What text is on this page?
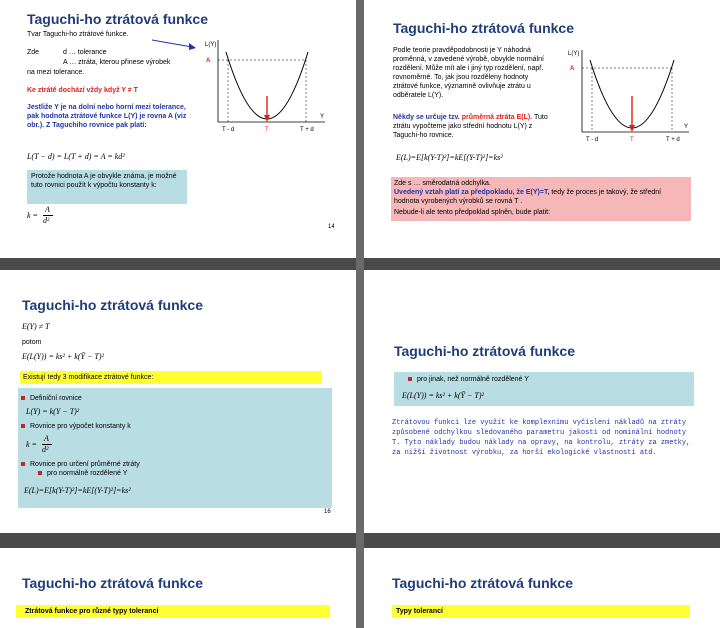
Taguchi-ho ztrátová funkce
Tvar Taguchi-ho ztrátové funkce.
Zde	d … tolerance
A … ztráta, kterou přinese výrobek
na mezi tolerance.
Ke ztrátě dochází vždy když Y ≠ T
Jestliže Y je na dolní nebo horní mezi tolerance, pak hodnota ztrátové funkce L(Y) je rovna A (viz obr.). Z Taguchiho rovnice pak platí:
L(T − d) = L(T + d) = A = kd²
Protože hodnota A je obvykle známa, je možné tuto rovnici použít k výpočtu konstanty k:
k =
A
d²
14
L(Y)
A
Y
T - d	T	T + d
Taguchi-ho ztrátová funkce
Podle teorie pravděpodobnosti je Y náhodná proměnná, v zavedené výrobě, obvykle normální rozdělení. Může mít ale i jiný typ rozdělení, např. rovnoměrné. To, jak jsou rozděleny hodnoty ztrátové funkce, významně ovlivňuje ztrátu u odběratele L(Y).
Někdy se určuje tzv. průměrná ztráta E(L). Tuto ztrátu vypočteme jako střední hodnotu L(Y) z Taguchi-ho rovnice.
E(L)=E[k(Y-T)²]=kE[(Y-T)²]=ks²
Zde s … směrodatná odchylka.
Uvedený vztah platí za předpokladu, že E(Y)=T, tedy že proces je takový, že střední hodnota vyrobených výrobků se rovná T .
Nebude-li ale tento předpoklad splněn, bude platit:
L(Y)
A
Y
T - d	T	T + d
Taguchi-ho ztrátová funkce
E(Y) ≠ T
potom
E(L(Y)) = ks² + k(Ȳ − T)²
Existují tedy 3 modifikace ztrátové funkce:
Definiční rovnice
L(Y) = k(Y − T)²
Rovnice pro výpočet konstanty k
k =
A
d²
Rovnice pro určení průměrné ztráty
pro normálně rozdělené Y
E(L)=E[k(Y-T)²]=kE[(Y-T)²]=ks²
16
Taguchi-ho ztrátová funkce
pro jinak, než normálně rozdělené Y
E(L(Y)) = ks² + k(Ȳ − T)²
Ztrátovou funkci lze využít ke komplexnímu vyčíslení nákladů na ztráty způsobené odchylkou sledovaného parametru jakosti od nominální hodnoty T. Tyto náklady budou náklady na opravy, na kontrolu, ztráty za zmetky, za nižší životnost výrobku, za horší ekologické vlastnosti atd.
Taguchi-ho ztrátová funkce
Ztrátová funkce pro různé typy tolerancí
Taguchi-ho ztrátová funkce
Typy tolerancí
